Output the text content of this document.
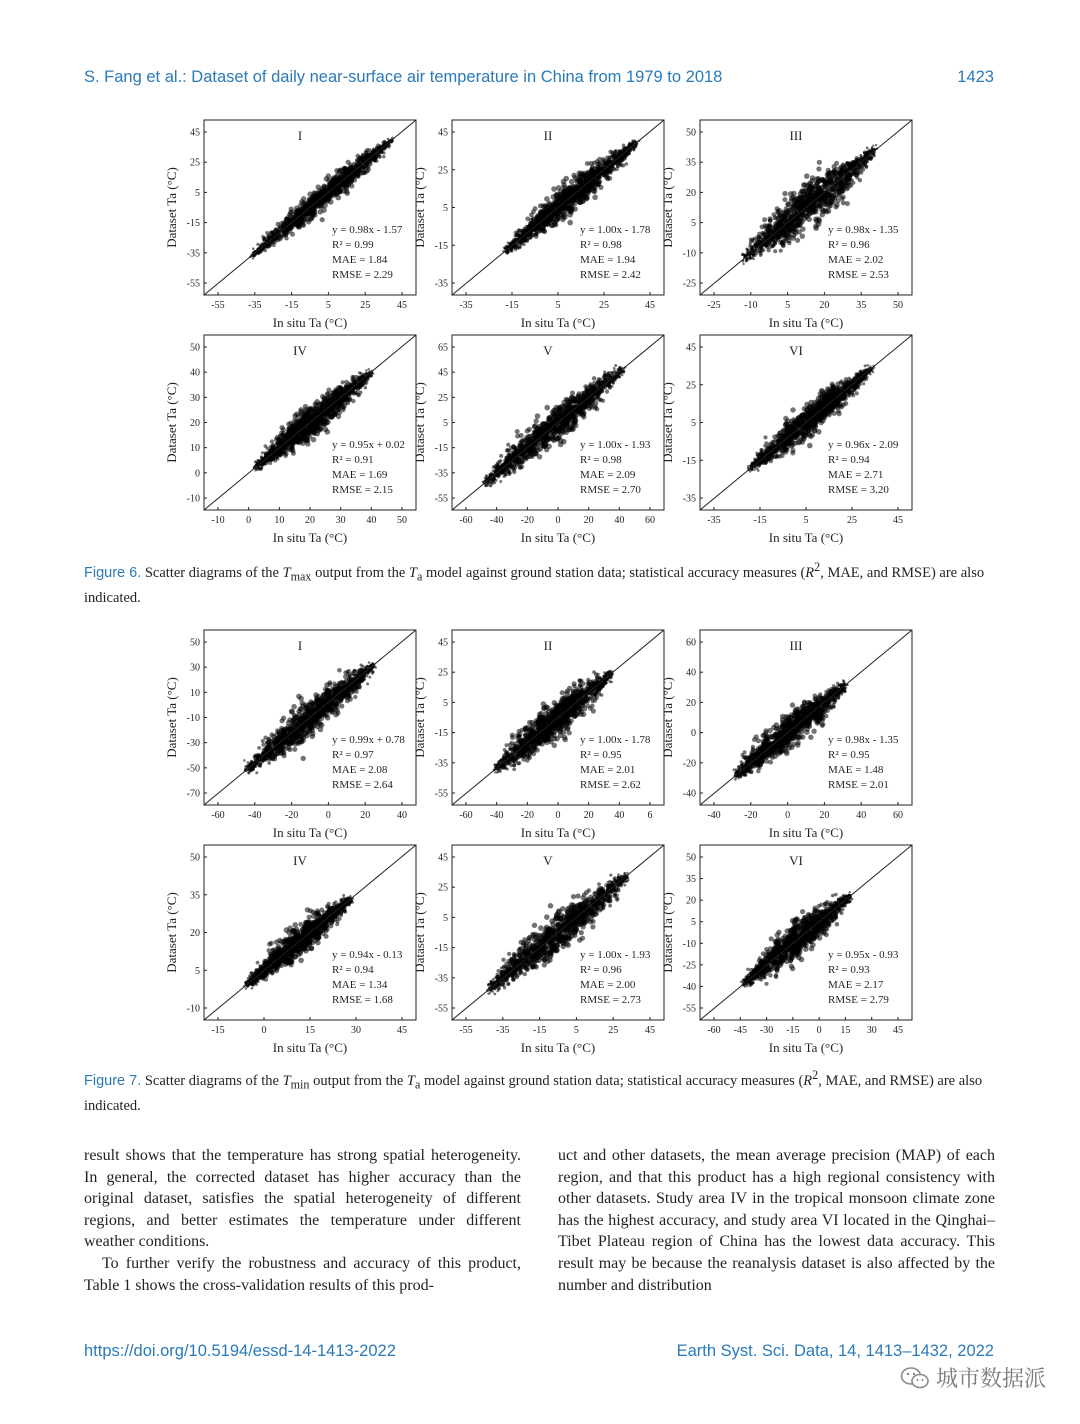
S. Fang et al.: Dataset of daily near-surface air temperature in China from 1979 to 2018	1423
-55 -35 -15	5	25	45
-55
-35
-15
5
25
45	I
y = 0.98x - 1.57
R² = 0.99
MAE = 1.84
RMSE = 2.29
In situ Ta (°C)
Dataset Ta (°C)
-35	-15	5	25	45
-35
-15
5
25
45	II
y = 1.00x - 1.78
R² = 0.98
MAE = 1.94
RMSE = 2.42
In situ Ta (°C)
Dataset Ta (°C)
-25 -10	5	20	35	50
-25
-10
5
20
35
50	III
y = 0.98x - 1.35
R² = 0.96
MAE = 2.02
RMSE = 2.53
In situ Ta (°C)
Dataset Ta (°C)
-10 0 10 20 30 40 50
-10
0
10
20
30
40
50	IV
y = 0.95x + 0.02
R² = 0.91
MAE = 1.69
RMSE = 2.15
In situ Ta (°C)
Dataset Ta (°C)
-60 -40 -20 0 20 40 60
-55
-35
-15
5
25
45
65	V
y = 1.00x - 1.93
R² = 0.98
MAE = 2.09
RMSE = 2.70
In situ Ta (°C)
Dataset Ta (°C)
-35	-15	5	25	45
-35
-15
5
25
45	VI
y = 0.96x - 2.09
R² = 0.94
MAE = 2.71
RMSE = 3.20
In situ Ta (°C)
Dataset Ta (°C)
Figure 6. Scatter diagrams of the $T_{max}$ output from the $T_a$ model against ground station data; statistical accuracy measures ($R^2$, MAE, and RMSE) are also indicated.
-60 -40 -20	0	20	40
-70
-50
-30
-10
10
30
50	I
y = 0.99x + 0.78
R² = 0.97
MAE = 2.08
RMSE = 2.64
In situ Ta (°C)
Dataset Ta (°C)
-60 -40 -20 0 20 40 6
-55
-35
-15
5
25
45	II
y = 1.00x - 1.78
R² = 0.95
MAE = 2.01
RMSE = 2.62
In situ Ta (°C)
Dataset Ta (°C)
-40 -20	0	20	40	60
-40
-20
0
20
40
60	III
y = 0.98x - 1.35
R² = 0.95
MAE = 1.48
RMSE = 2.01
In situ Ta (°C)
Dataset Ta (°C)
-15	0	15	30	45
-10
5
20
35
50	IV
y = 0.94x - 0.13
R² = 0.94
MAE = 1.34
RMSE = 1.68
In situ Ta (°C)
Dataset Ta (°C)
-55 -35 -15	5	25	45
-55
-35
-15
5
25
45	V
y = 1.00x - 1.93
R² = 0.96
MAE = 2.00
RMSE = 2.73
In situ Ta (°C)
Dataset Ta (°C)
-60 -45 -30 -15 0 15 30 45
-55
-40
-25
-10
5
20
35
50	VI
y = 0.95x - 0.93
R² = 0.93
MAE = 2.17
RMSE = 2.79
In situ Ta (°C)
Dataset Ta (°C)
Figure 7. Scatter diagrams of the $T_{min}$ output from the $T_a$ model against ground station data; statistical accuracy measures ($R^2$, MAE, and RMSE) are also indicated.

result shows that the temperature has strong spatial heterogeneity. In general, the corrected dataset has higher accuracy than the original dataset, satisfies the spatial heterogeneity of different regions, and better estimates the temperature under different weather conditions.

To further verify the robustness and accuracy of this product, Table 1 shows the cross-validation results of this prod-

uct and other datasets, the mean average precision (MAP) of each region, and that this product has a high regional consistency with other datasets. Study area IV in the tropical monsoon climate zone has the highest accuracy, and study area VI located in the Qinghai–Tibet Plateau region of China has the lowest data accuracy. This result may be because the reanalysis dataset is also affected by the number and distribution

https://doi.org/10.5194/essd-14-1413-2022	Earth Syst. Sci. Data, 14, 1413–1432, 2022
城市数据派
